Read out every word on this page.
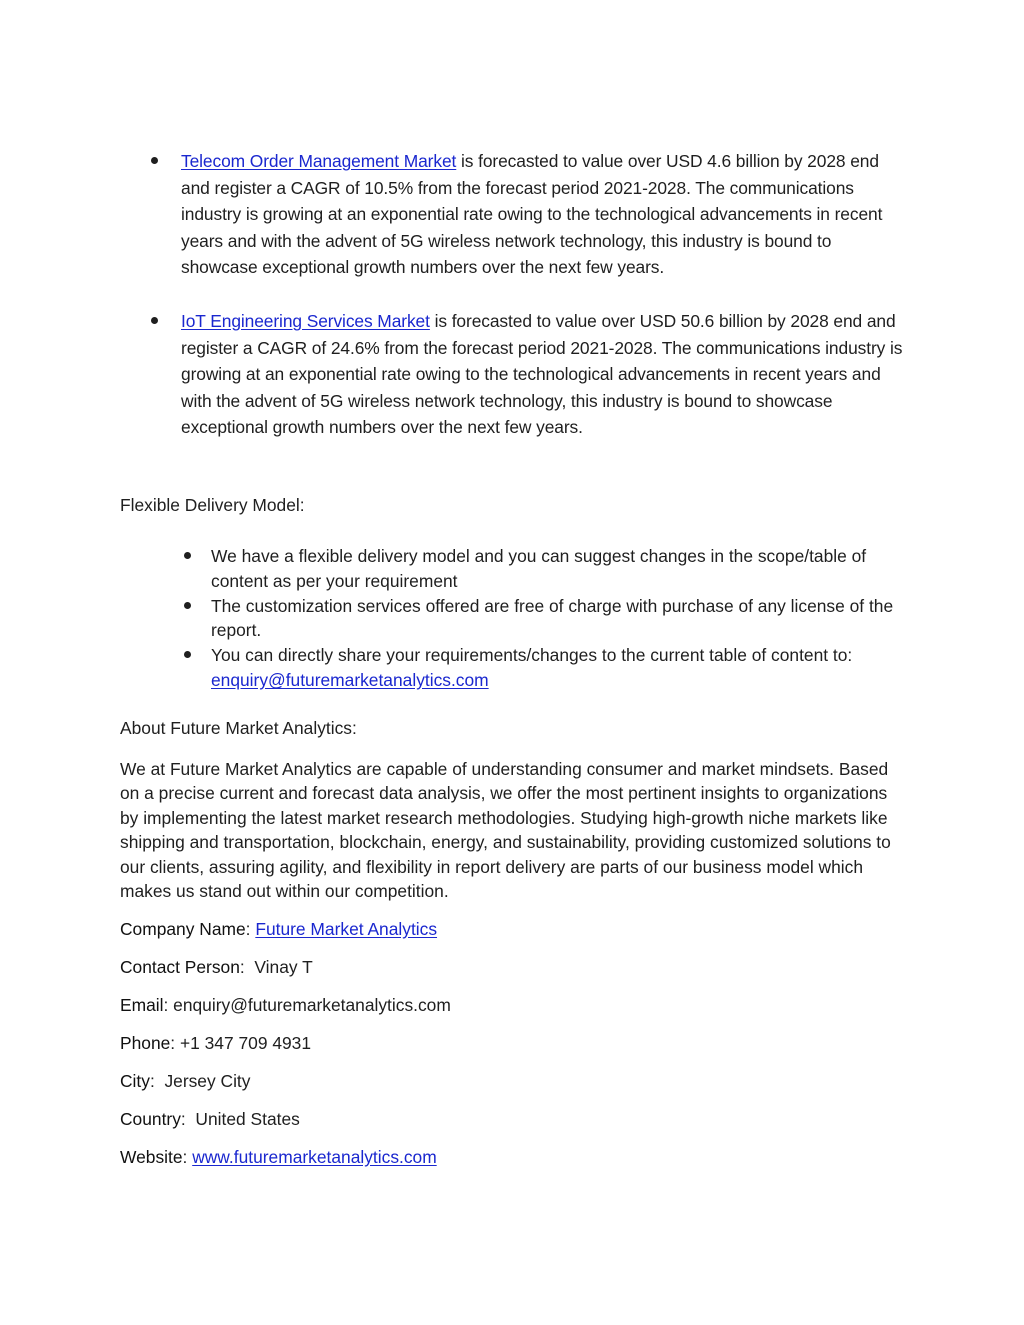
Telecom Order Management Market is forecasted to value over USD 4.6 billion by 2028 end and register a CAGR of 10.5% from the forecast period 2021-2028. The communications industry is growing at an exponential rate owing to the technological advancements in recent years and with the advent of 5G wireless network technology, this industry is bound to showcase exceptional growth numbers over the next few years.
IoT Engineering Services Market is forecasted to value over USD 50.6 billion by 2028 end and register a CAGR of 24.6% from the forecast period 2021-2028. The communications industry is growing at an exponential rate owing to the technological advancements in recent years and with the advent of 5G wireless network technology, this industry is bound to showcase exceptional growth numbers over the next few years.
Flexible Delivery Model:
We have a flexible delivery model and you can suggest changes in the scope/table of content as per your requirement
The customization services offered are free of charge with purchase of any license of the report.
You can directly share your requirements/changes to the current table of content to: enquiry@futuremarketanalytics.com
About Future Market Analytics:

We at Future Market Analytics are capable of understanding consumer and market mindsets. Based on a precise current and forecast data analysis, we offer the most pertinent insights to organizations by implementing the latest market research methodologies. Studying high-growth niche markets like shipping and transportation, blockchain, energy, and sustainability, providing customized solutions to our clients, assuring agility, and flexibility in report delivery are parts of our business model which makes us stand out within our competition.

Company Name: Future Market Analytics

Contact Person:  Vinay T

Email: enquiry@futuremarketanalytics.com

Phone: +1 347 709 4931

City:  Jersey City

Country:  United States

Website: www.futuremarketanalytics.com
